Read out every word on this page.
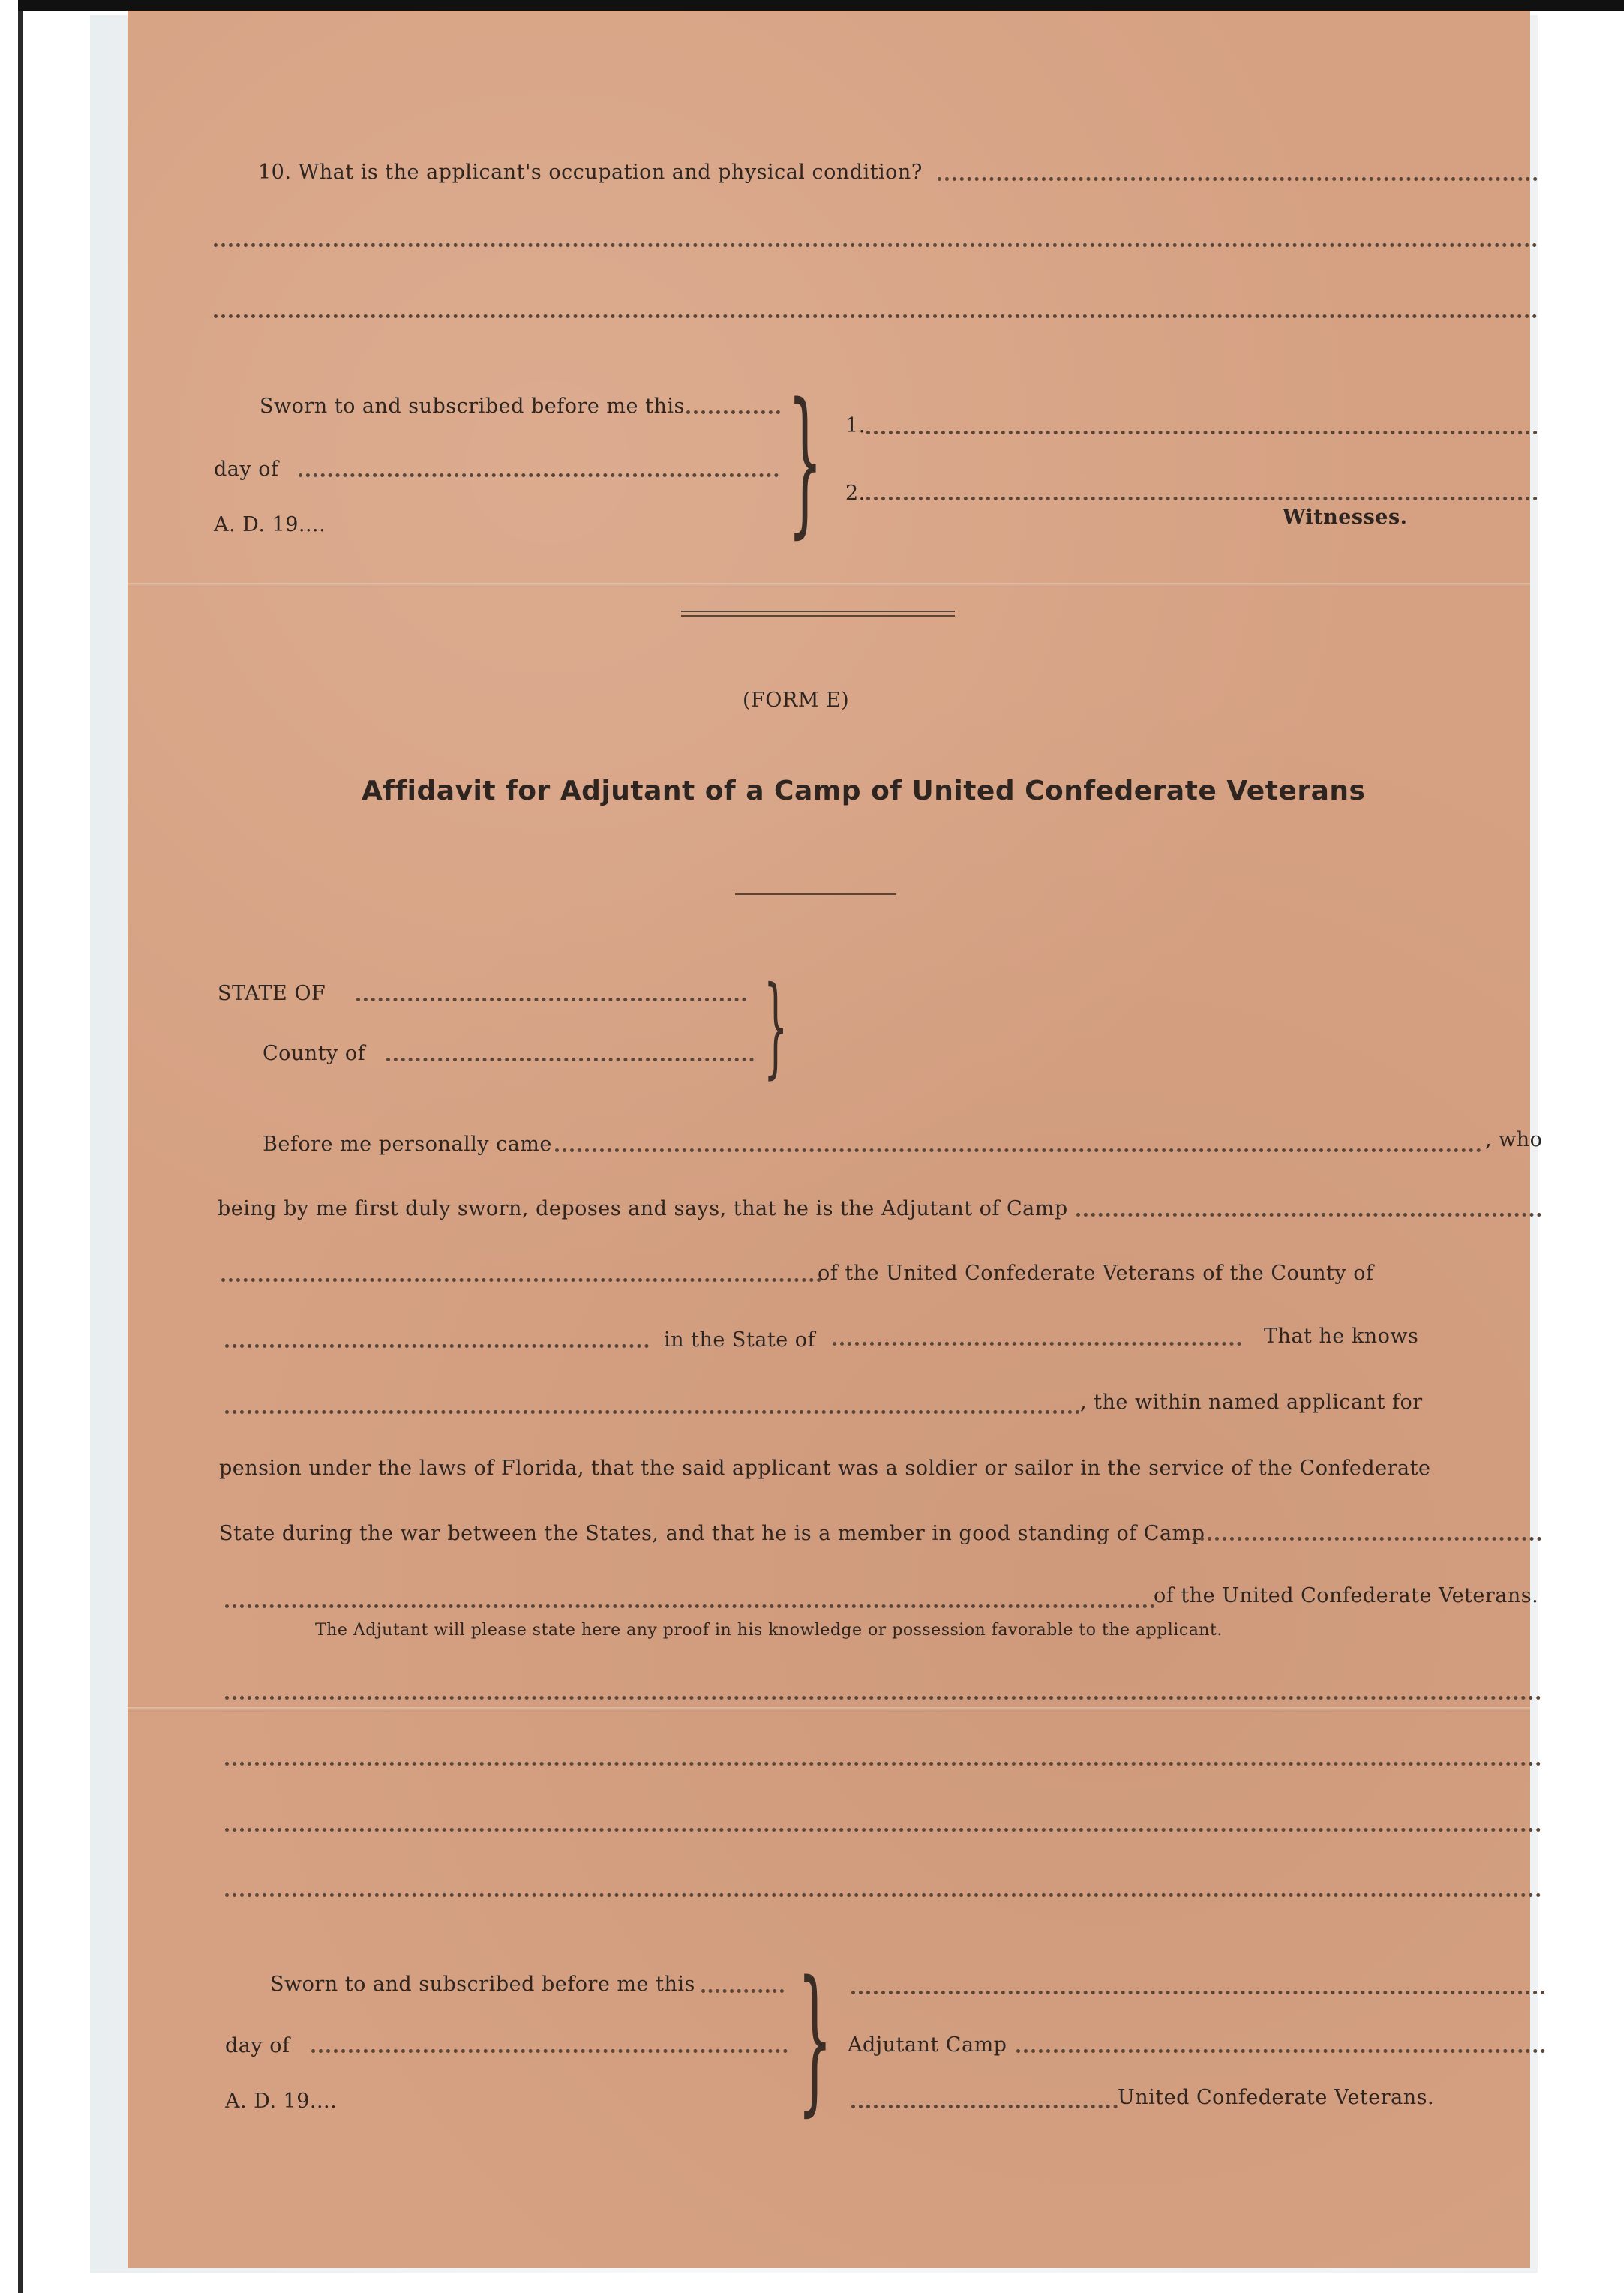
10. What is the applicant's occupation and physical condition?
Sworn to and subscribed before me this
day of
A. D. 19....	} 1.
2.
Witnesses.
(FORM E)
Affidavit for Adjutant of a Camp of United Confederate Veterans
STATE OF
County of	}
Before me personally came	, who
being by me first duly sworn, deposes and says, that he is the Adjutant of Camp
of the United Confederate Veterans of the County of
in the State of	That he knows
, the within named applicant for
pension under the laws of Florida, that the said applicant was a soldier or sailor in the service of the Confederate
State during the war between the States, and that he is a member in good standing of Camp
of the United Confederate Veterans.
The Adjutant will please state here any proof in his knowledge or possession favorable to the applicant.
Sworn to and subscribed before me this
day of
A. D. 19....	} Adjutant Camp
United Confederate Veterans.
